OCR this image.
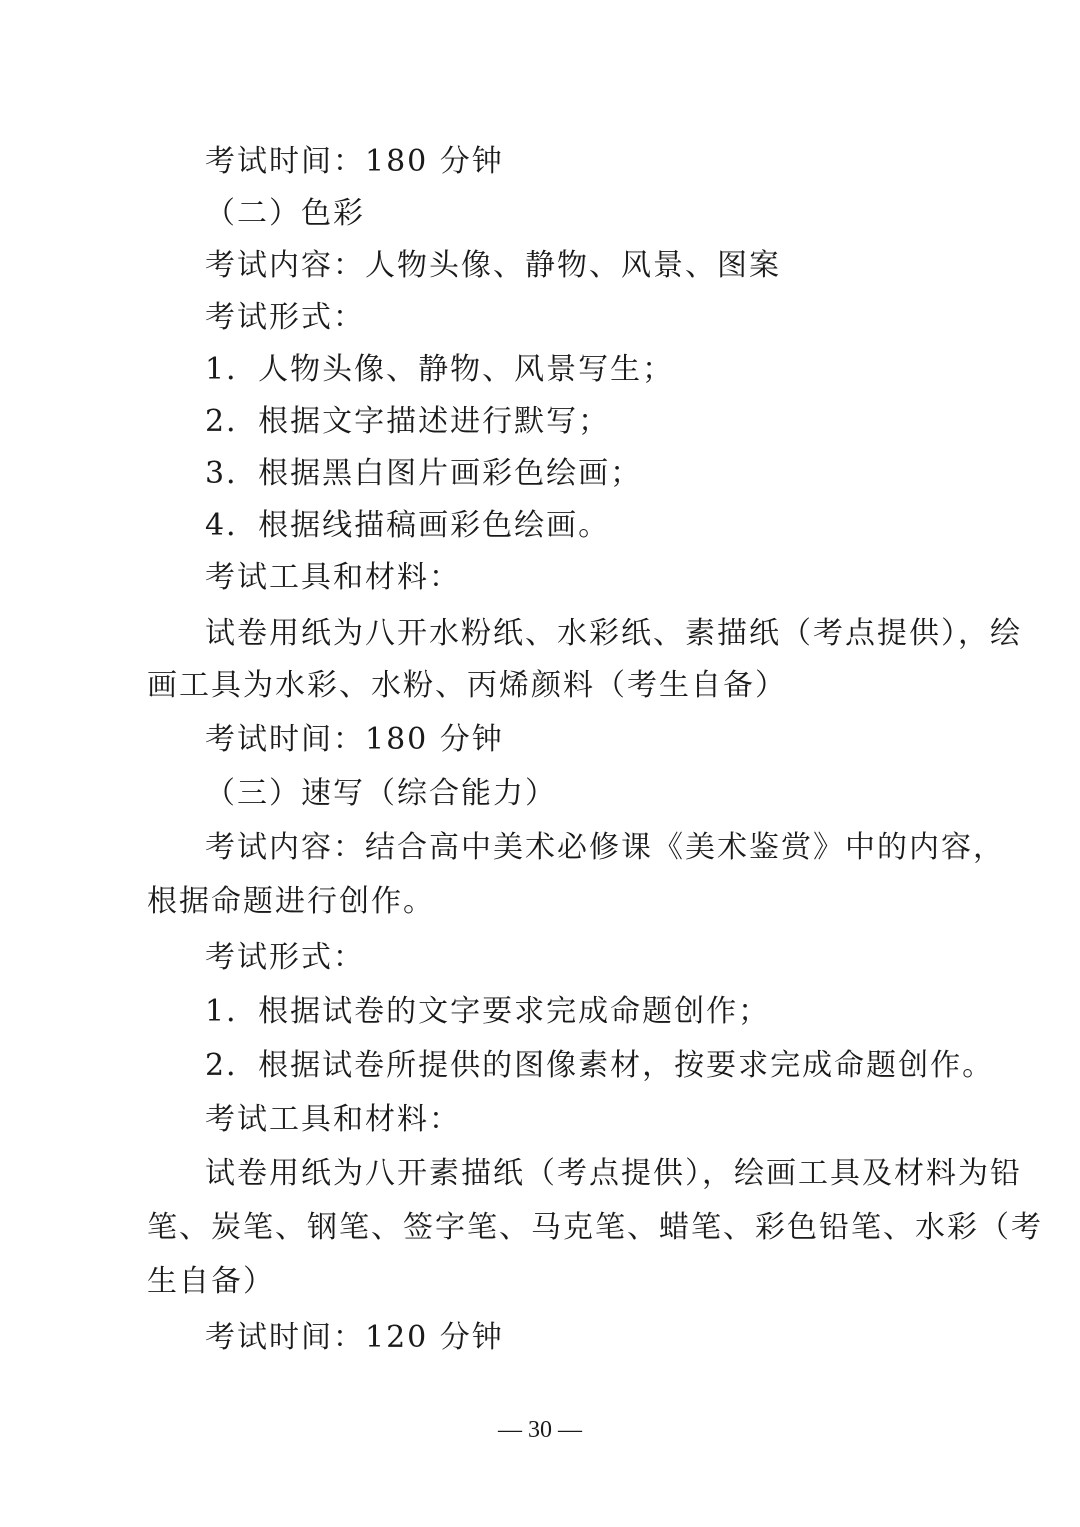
考试时间：180 分钟
（二）色彩
考试内容：人物头像、静物、风景、图案
考试形式：
1．人物头像、静物、风景写生；
2．根据文字描述进行默写；
3．根据黑白图片画彩色绘画；
4．根据线描稿画彩色绘画。
考试工具和材料：
试卷用纸为八开水粉纸、水彩纸、素描纸（考点提供），绘
画工具为水彩、水粉、丙烯颜料（考生自备）
考试时间：180 分钟
（三）速写（综合能力）
考试内容：结合高中美术必修课《美术鉴赏》中的内容，
根据命题进行创作。
考试形式：
1．根据试卷的文字要求完成命题创作；
2．根据试卷所提供的图像素材，按要求完成命题创作。
考试工具和材料：
试卷用纸为八开素描纸（考点提供），绘画工具及材料为铅
笔、炭笔、钢笔、签字笔、马克笔、蜡笔、彩色铅笔、水彩（考
生自备）
考试时间：120 分钟
— 30 —
